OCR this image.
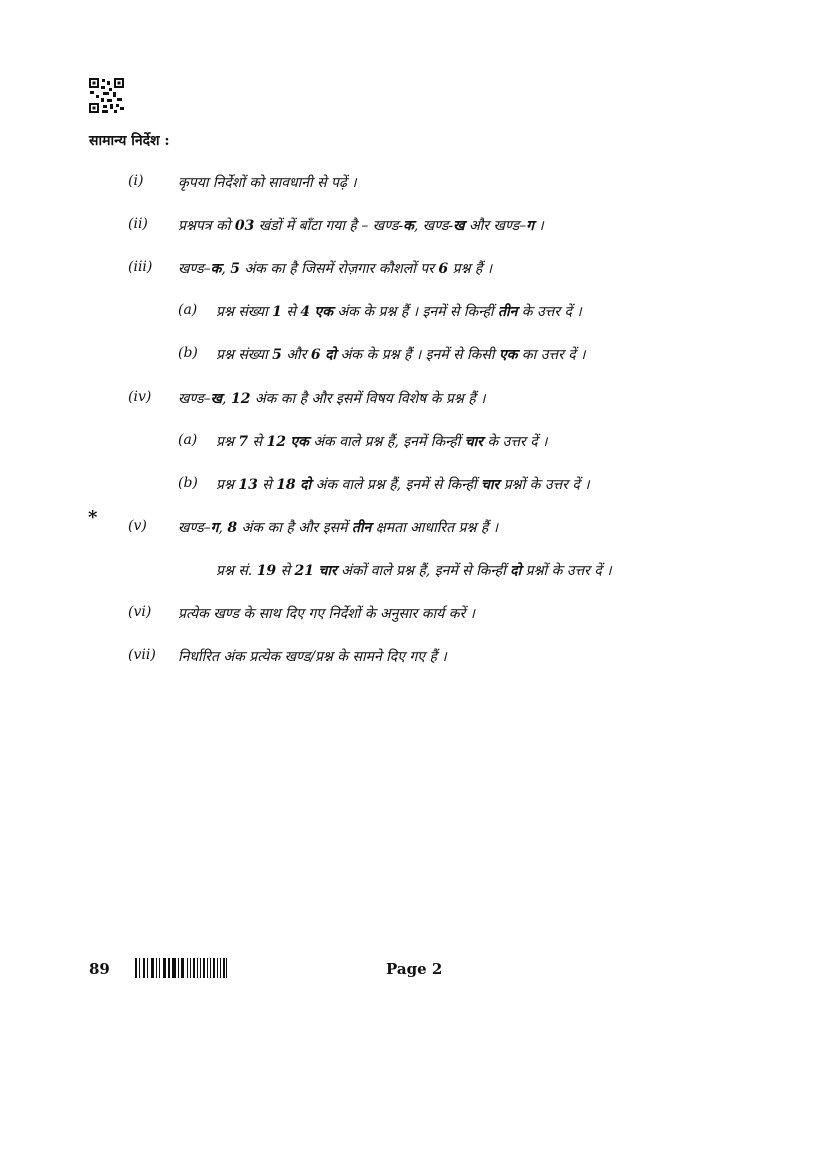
सामान्य निर्देश :
(i) कृपया निर्देशों को सावधानी से पढ़ें ।
(ii) प्रश्नपत्र को 03 खंडों में बाँटा गया है – खण्ड-क, खण्ड-ख और खण्ड–ग ।
(iii) खण्ड–क, 5 अंक का है जिसमें रोज़गार कौशलों पर 6 प्रश्न हैं ।
(a) प्रश्न संख्या 1 से 4 एक अंक के प्रश्न हैं । इनमें से किन्हीं तीन के उत्तर दें ।
(b) प्रश्न संख्या 5 और 6 दो अंक के प्रश्न हैं । इनमें से किसी एक का उत्तर दें ।
(iv) खण्ड–ख, 12 अंक का है और इसमें विषय विशेष के प्रश्न हैं ।
(a) प्रश्न 7 से 12 एक अंक वाले प्रश्न हैं, इनमें किन्हीं चार के उत्तर दें ।
(b) प्रश्न 13 से 18 दो अंक वाले प्रश्न हैं, इनमें से किन्हीं चार प्रश्नों के उत्तर दें ।
(v)
*	खण्ड–ग, 8 अंक का है और इसमें तीन क्षमता आधारित प्रश्न हैं ।
प्रश्न सं. 19 से 21 चार अंकों वाले प्रश्न हैं, इनमें से किन्हीं दो प्रश्नों के उत्तर दें ।
(vi) प्रत्येक खण्ड के साथ दिए गए निर्देशों के अनुसार कार्य करें ।
(vii) निर्धारित अंक प्रत्येक खण्ड/प्रश्न के सामने दिए गए हैं ।
89	Page 2
